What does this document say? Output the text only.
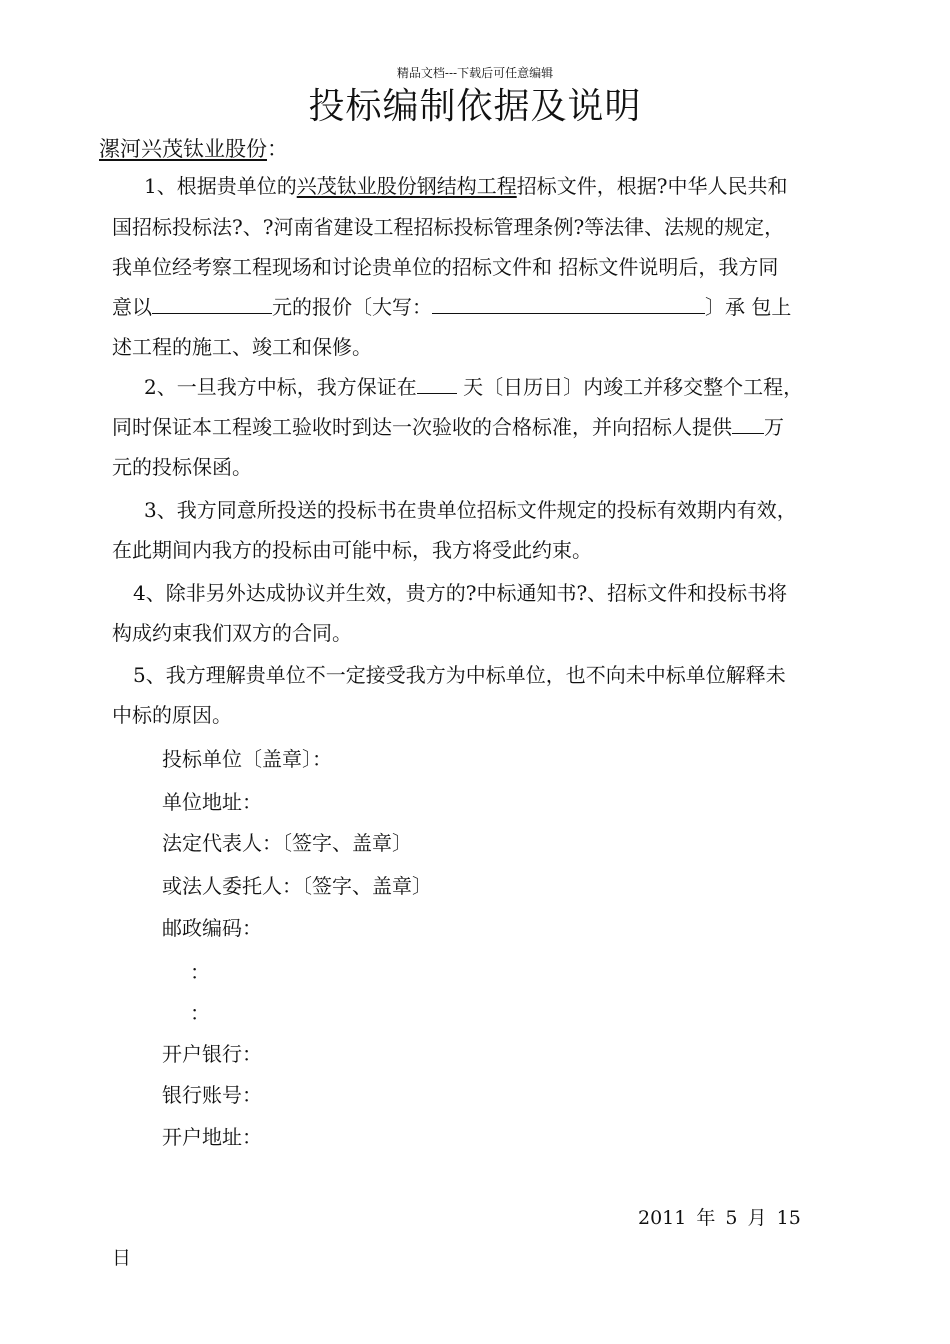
精品文档---下载后可任意编辑
投标编制依据及说明
漯河兴茂钛业股份：
1、根据贵单位的兴茂钛业股份钢结构工程招标文件，根据?中华人民共和
国招标投标法?、?河南省建设工程招标投标管理条例?等法律、法规的规定，
我单位经考察工程现场和讨论贵单位的招标文件和 招标文件说明后，我方同
意以	元的报价〔大写：	〕承 包上
述工程的施工、竣工和保修。
2、一旦我方中标，我方保证在 天〔日历日〕内竣工并移交整个工程，
同时保证本工程竣工验收时到达一次验收的合格标准，并向招标人提供 万
元的投标保函。
3、我方同意所投送的投标书在贵单位招标文件规定的投标有效期内有效，
在此期间内我方的投标由可能中标，我方将受此约束。
4、除非另外达成协议并生效，贵方的?中标通知书?、招标文件和投标书将
构成约束我们双方的合同。
5、我方理解贵单位不一定接受我方为中标单位，也不向未中标单位解释未
中标的原因。
投标单位〔盖章〕：
单位地址：
法定代表人：〔签字、盖章〕
或法人委托人：〔签字、盖章〕
邮政编码：
：
：
开户银行：
银行账号：
开户地址：
2011 年 5 月 15
日
